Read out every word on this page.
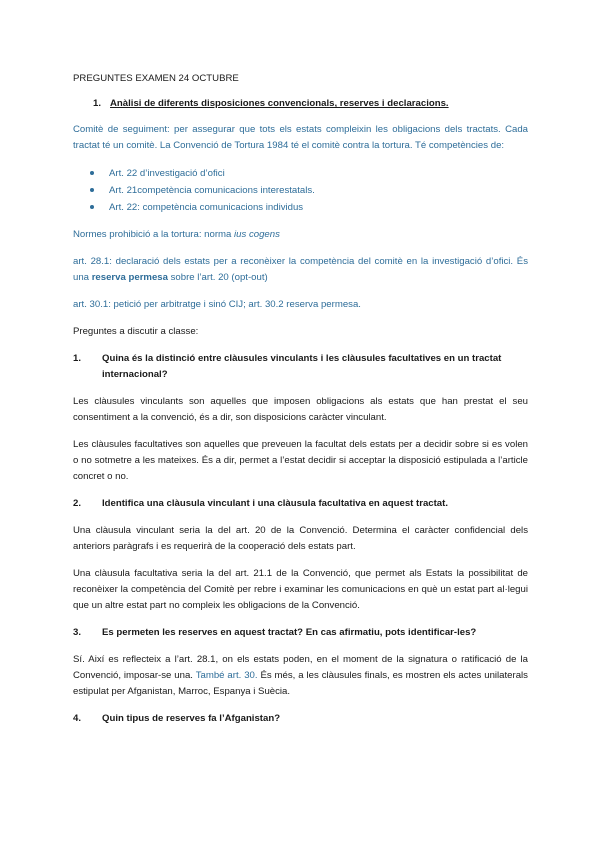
PREGUNTES EXAMEN 24 OCTUBRE

1. Anàlisi de diferents disposiciones convencionals, reserves i declaracions.

Comitè de seguiment: per assegurar que tots els estats compleixin les obligacions dels tractats. Cada tractat té un comitè. La Convenció de Tortura 1984 té el comitè contra la tortura. Té competències de:

Art. 22 d’investigació d’ofici
Art. 21competència comunicacions interestatals.
Art. 22: competència comunicacions individus

Normes prohibició a la tortura: norma ius cogens

art. 28.1: declaració dels estats per a reconèixer la competència del comitè en la investigació d’ofici. És una reserva permesa sobre l’art. 20 (opt-out)

art. 30.1: petició per arbitratge i sinó CIJ; art. 30.2 reserva permesa.

Preguntes a discutir a classe:

1.	Quina és la distinció entre clàusules vinculants i les clàusules facultatives en un tractat internacional?

Les clàusules vinculants son aquelles que imposen obligacions als estats que han prestat el seu consentiment a la convenció, és a dir, son disposicions caràcter vinculant.

Les clàusules facultatives son aquelles que preveuen la facultat dels estats per a decidir sobre si es volen o no sotmetre a les mateixes. És a dir, permet a l’estat decidir si acceptar la disposició estipulada a l’article concret o no.

2.	Identifica una clàusula vinculant i una clàusula facultativa en aquest tractat.

Una clàusula vinculant seria la del art. 20 de la Convenció. Determina el caràcter confidencial dels anteriors paràgrafs i es requerirà de la cooperació dels estats part.

Una clàusula facultativa seria la del art. 21.1 de la Convenció, que permet als Estats la possibilitat de reconèixer la competència del Comitè per rebre i examinar les comunicacions en què un estat part al·legui que un altre estat part no compleix les obligacions de la Convenció.

3.	Es permeten les reserves en aquest tractat? En cas afirmatiu, pots identificar-les?

Sí. Així es reflecteix a l’art. 28.1, on els estats poden, en el moment de la signatura o ratificació de la Convenció, imposar-se una. També art. 30. És més, a les clàusules finals, es mostren els actes unilaterals estipulat per Afganistan, Marroc, Espanya i Suècia.

4.	Quin tipus de reserves fa l’Afganistan?
